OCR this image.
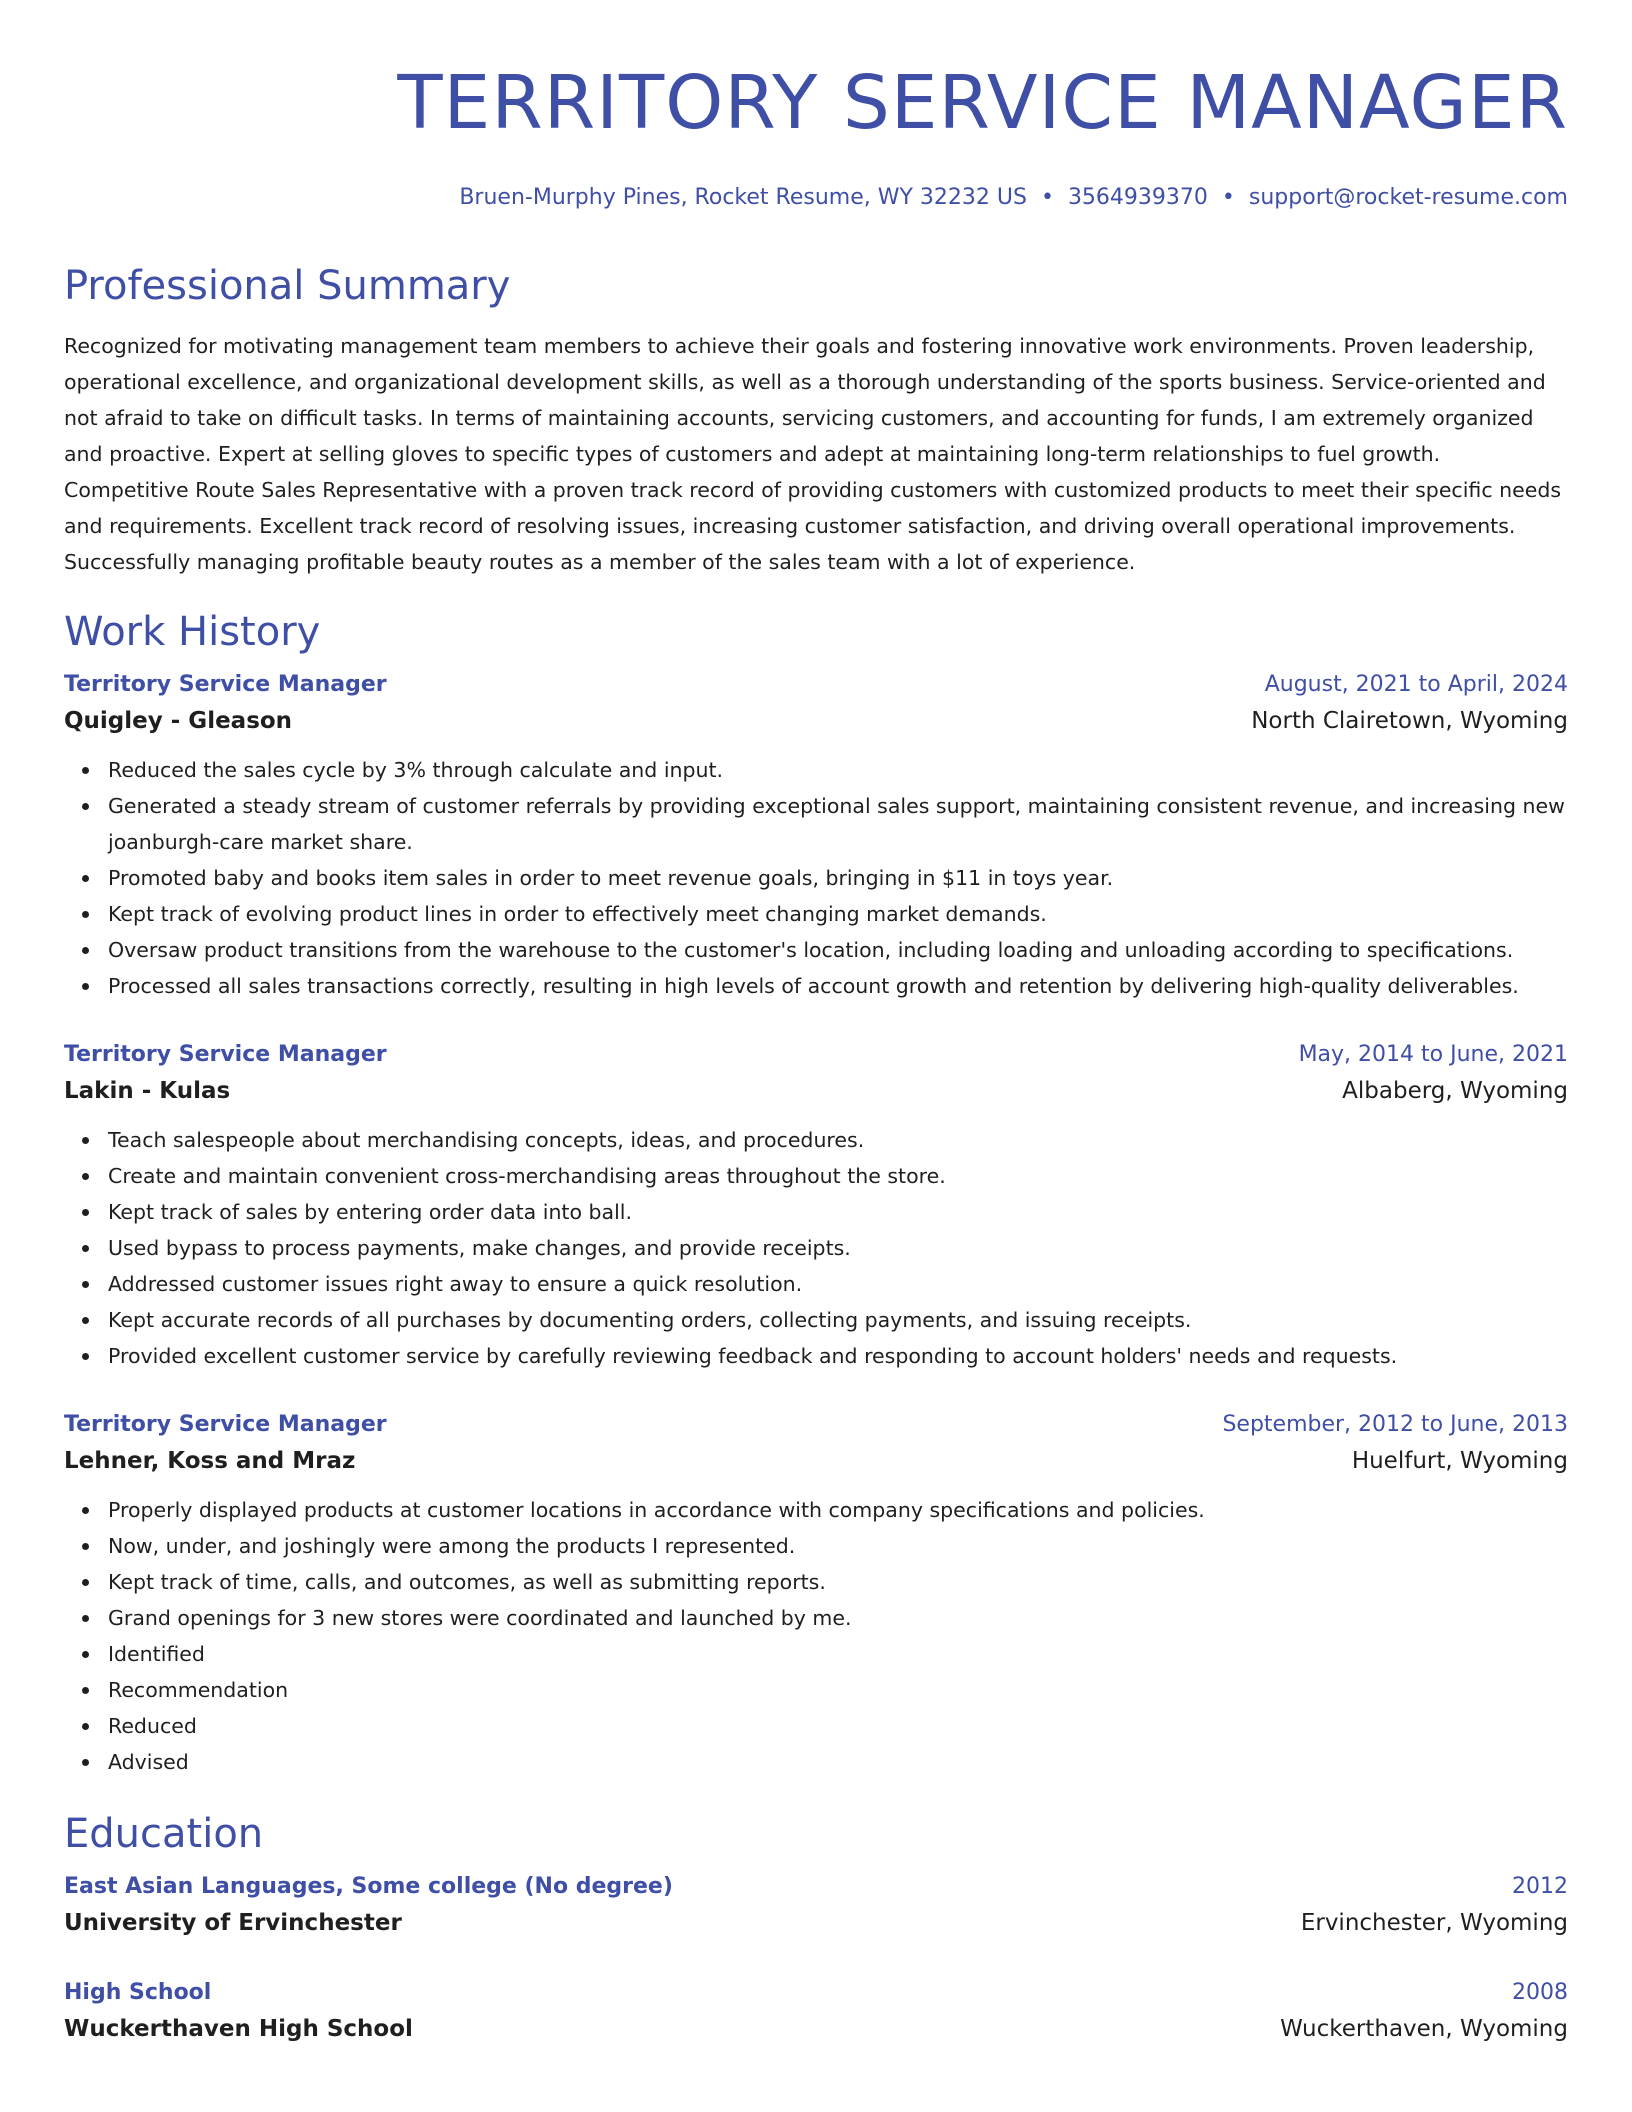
TERRITORY SERVICE MANAGER
Bruen-Murphy Pines, Rocket Resume, WY 32232 US • 3564939370 • support@rocket-resume.com
Professional Summary
Recognized for motivating management team members to achieve their goals and fostering innovative work environments. Proven leadership, operational excellence, and organizational development skills, as well as a thorough understanding of the sports business. Service-oriented and not afraid to take on difficult tasks. In terms of maintaining accounts, servicing customers, and accounting for funds, I am extremely organized and proactive. Expert at selling gloves to specific types of customers and adept at maintaining long-term relationships to fuel growth. Competitive Route Sales Representative with a proven track record of providing customers with customized products to meet their specific needs and requirements. Excellent track record of resolving issues, increasing customer satisfaction, and driving overall operational improvements. Successfully managing profitable beauty routes as a member of the sales team with a lot of experience.
Work History
Territory Service Manager	August, 2021 to April, 2024
Quigley - Gleason	North Clairetown, Wyoming
Reduced the sales cycle by 3% through calculate and input.
Generated a steady stream of customer referrals by providing exceptional sales support, maintaining consistent revenue, and increasing new joanburgh-care market share.
Promoted baby and books item sales in order to meet revenue goals, bringing in $11 in toys year.
Kept track of evolving product lines in order to effectively meet changing market demands.
Oversaw product transitions from the warehouse to the customer's location, including loading and unloading according to specifications.
Processed all sales transactions correctly, resulting in high levels of account growth and retention by delivering high-quality deliverables.
Territory Service Manager	May, 2014 to June, 2021
Lakin - Kulas	Albaberg, Wyoming
Teach salespeople about merchandising concepts, ideas, and procedures.
Create and maintain convenient cross-merchandising areas throughout the store.
Kept track of sales by entering order data into ball.
Used bypass to process payments, make changes, and provide receipts.
Addressed customer issues right away to ensure a quick resolution.
Kept accurate records of all purchases by documenting orders, collecting payments, and issuing receipts.
Provided excellent customer service by carefully reviewing feedback and responding to account holders' needs and requests.
Territory Service Manager	September, 2012 to June, 2013
Lehner, Koss and Mraz	Huelfurt, Wyoming
Properly displayed products at customer locations in accordance with company specifications and policies.
Now, under, and joshingly were among the products I represented.
Kept track of time, calls, and outcomes, as well as submitting reports.
Grand openings for 3 new stores were coordinated and launched by me.
Identified
Recommendation
Reduced
Advised
Education
East Asian Languages, Some college (No degree)	2012
University of Ervinchester	Ervinchester, Wyoming
High School	2008
Wuckerthaven High School	Wuckerthaven, Wyoming
